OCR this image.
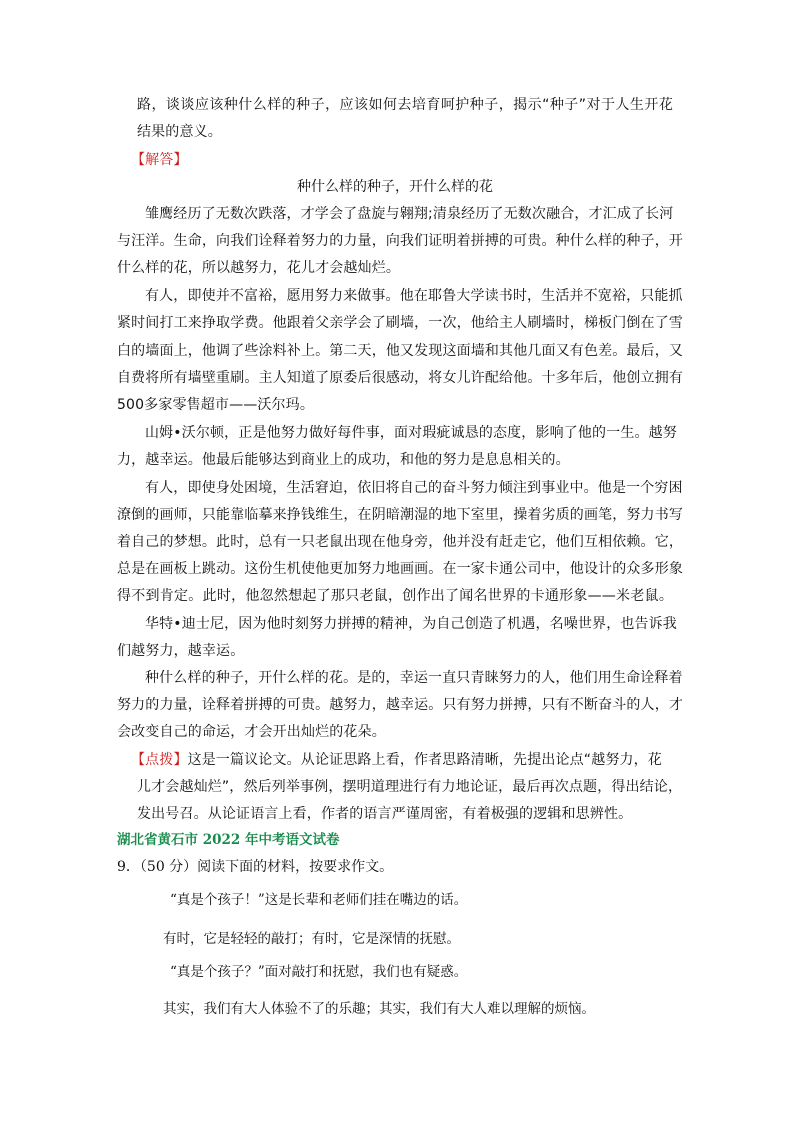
路，谈谈应该种什么样的种子，应该如何去培育呵护种子，揭示“种子”对于人生开花
结果的意义。
【解答】
种什么样的种子，开什么样的花
雏鹰经历了无数次跌落，才学会了盘旋与翱翔;清泉经历了无数次融合，才汇成了长河
与汪洋。生命，向我们诠释着努力的力量，向我们证明着拼搏的可贵。种什么样的种子，开
什么样的花，所以越努力，花儿才会越灿烂。
有人，即使并不富裕，愿用努力来做事。他在耶鲁大学读书时，生活并不宽裕，只能抓
紧时间打工来挣取学费。他跟着父亲学会了刷墙，一次，他给主人刷墙时，梯板门倒在了雪
白的墙面上，他调了些涂料补上。第二天，他又发现这面墙和其他几面又有色差。最后，又
自费将所有墙壁重刷。主人知道了原委后很感动，将女儿许配给他。十多年后，他创立拥有
500多家零售超市——沃尔玛。
山姆•沃尔顿，正是他努力做好每件事，面对瑕疵诚恳的态度，影响了他的一生。越努
力，越幸运。他最后能够达到商业上的成功，和他的努力是息息相关的。
有人，即使身处困境，生活窘迫，依旧将自己的奋斗努力倾注到事业中。他是一个穷困
潦倒的画师，只能靠临摹来挣钱维生，在阴暗潮湿的地下室里，操着劣质的画笔，努力书写
着自己的梦想。此时，总有一只老鼠出现在他身旁，他并没有赶走它，他们互相依赖。它，
总是在画板上跳动。这份生机使他更加努力地画画。在一家卡通公司中，他设计的众多形象
得不到肯定。此时，他忽然想起了那只老鼠，创作出了闻名世界的卡通形象——米老鼠。
华特•迪士尼，因为他时刻努力拼搏的精神，为自己创造了机遇，名噪世界，也告诉我
们越努力，越幸运。
种什么样的种子，开什么样的花。是的，幸运一直只青睐努力的人，他们用生命诠释着
努力的力量，诠释着拼搏的可贵。越努力，越幸运。只有努力拼搏，只有不断奋斗的人，才
会改变自己的命运，才会开出灿烂的花朵。
【点拨】这是一篇议论文。从论证思路上看，作者思路清晰，先提出论点“越努力，花
儿才会越灿烂”，然后列举事例，摆明道理进行有力地论证，最后再次点题，得出结论，
发出号召。从论证语言上看，作者的语言严谨周密，有着极强的逻辑和思辨性。
湖北省黄石市 2022 年中考语文试卷
9．（50 分）阅读下面的材料，按要求作文。
“真是个孩子！”这是长辈和老师们挂在嘴边的话。
有时，它是轻轻的敲打；有时，它是深情的抚慰。
“真是个孩子？”面对敲打和抚慰，我们也有疑惑。
其实，我们有大人体验不了的乐趣；其实，我们有大人难以理解的烦恼。
